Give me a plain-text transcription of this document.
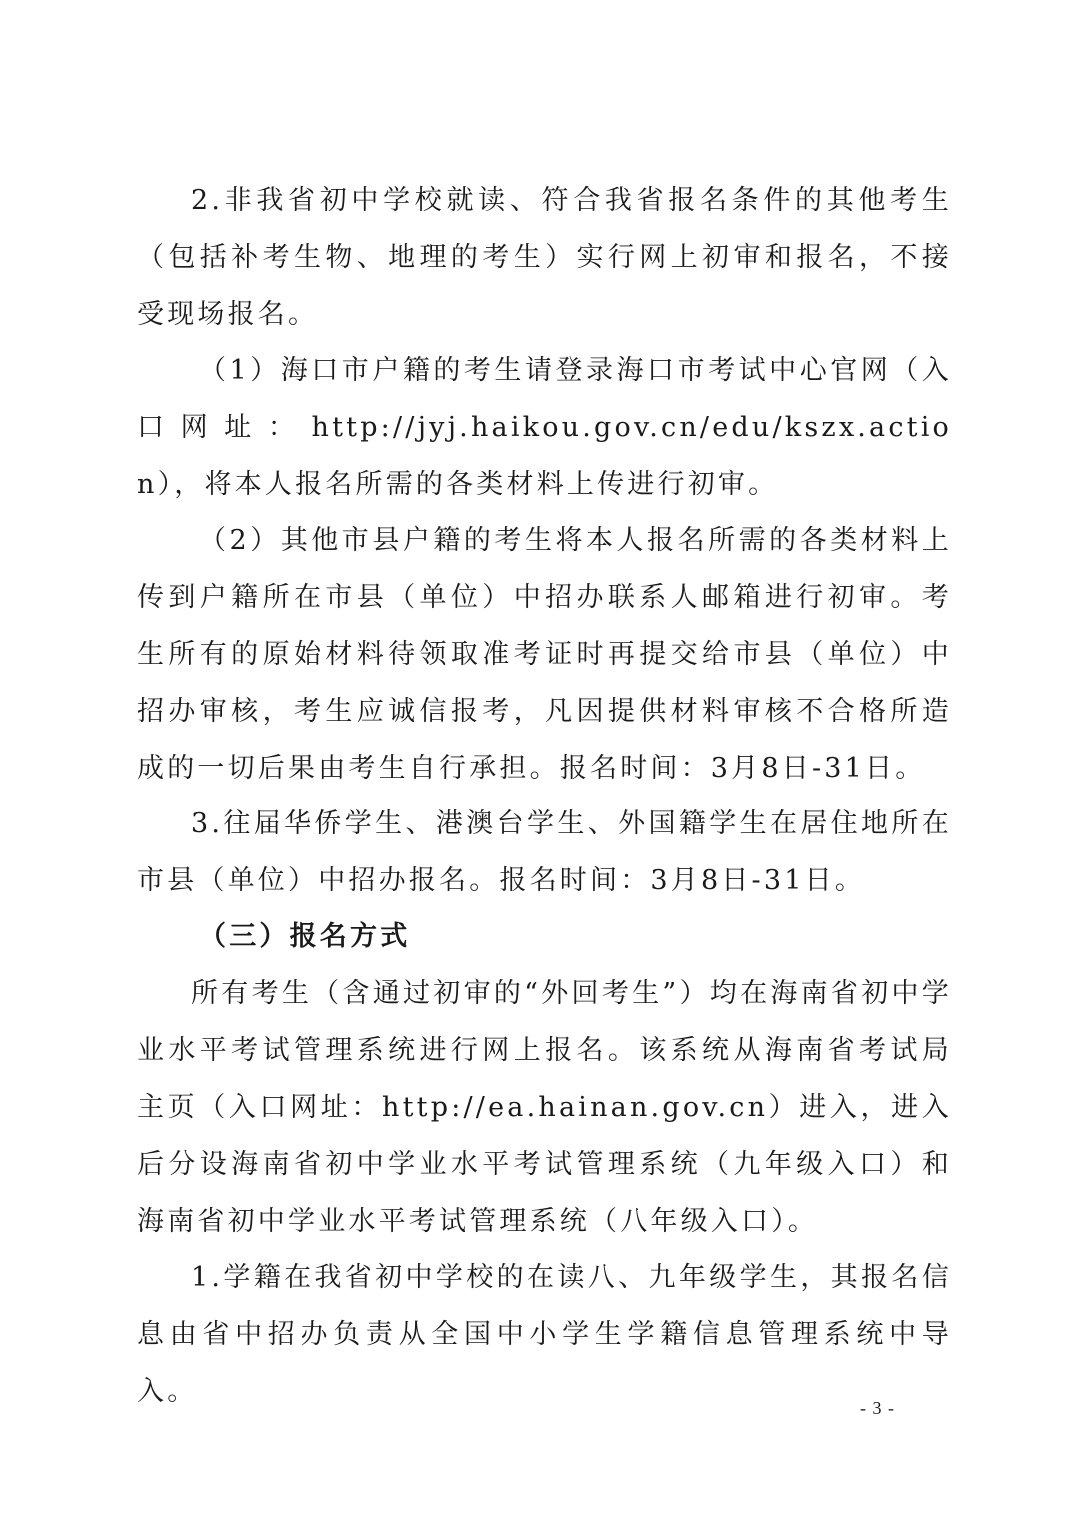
2.非我省初中学校就读、符合我省报名条件的其他考生（包括补考生物、地理的考生）实行网上初审和报名，不接受现场报名。

（1）海口市户籍的考生请登录海口市考试中心官网（入口网址：http://jyj.haikou.gov.cn/edu/kszx.action），将本人报名所需的各类材料上传进行初审。

（2）其他市县户籍的考生将本人报名所需的各类材料上传到户籍所在市县（单位）中招办联系人邮箱进行初审。考生所有的原始材料待领取准考证时再提交给市县（单位）中招办审核，考生应诚信报考，凡因提供材料审核不合格所造成的一切后果由考生自行承担。报名时间：3月8日-31日。

3.往届华侨学生、港澳台学生、外国籍学生在居住地所在市县（单位）中招办报名。报名时间：3月8日-31日。

（三）报名方式

所有考生（含通过初审的“外回考生”）均在海南省初中学业水平考试管理系统进行网上报名。该系统从海南省考试局主页（入口网址：http://ea.hainan.gov.cn）进入，进入后分设海南省初中学业水平考试管理系统（九年级入口）和海南省初中学业水平考试管理系统（八年级入口）。

1.学籍在我省初中学校的在读八、九年级学生，其报名信息由省中招办负责从全国中小学生学籍信息管理系统中导入。

- 3 -
